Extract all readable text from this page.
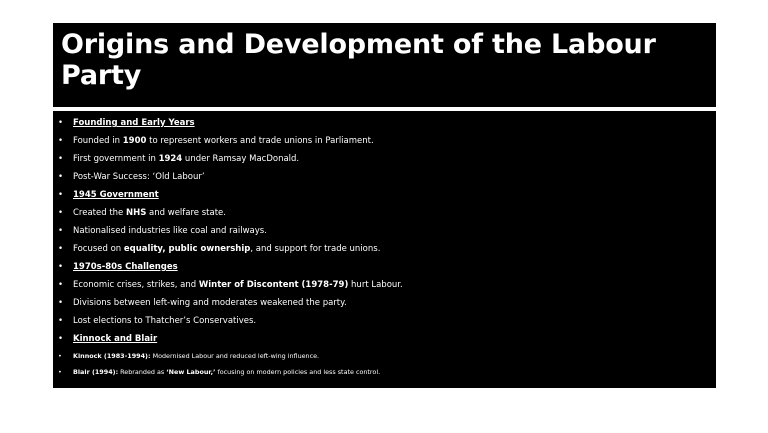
Origins and Development of the Labour Party
• Founding and Early Years
• Founded in 1900 to represent workers and trade unions in Parliament.
• First government in 1924 under Ramsay MacDonald.
• Post-War Success: ‘Old Labour’
• 1945 Government
• Created the NHS and welfare state.
• Nationalised industries like coal and railways.
• Focused on equality, public ownership, and support for trade unions.
• 1970s-80s Challenges
• Economic crises, strikes, and Winter of Discontent (1978-79) hurt Labour.
• Divisions between left-wing and moderates weakened the party.
• Lost elections to Thatcher’s Conservatives.
• Kinnock and Blair
• Kinnock (1983-1994): Modernised Labour and reduced left-wing influence.
• Blair (1994): Rebranded as ‘New Labour,’ focusing on modern policies and less state control.
